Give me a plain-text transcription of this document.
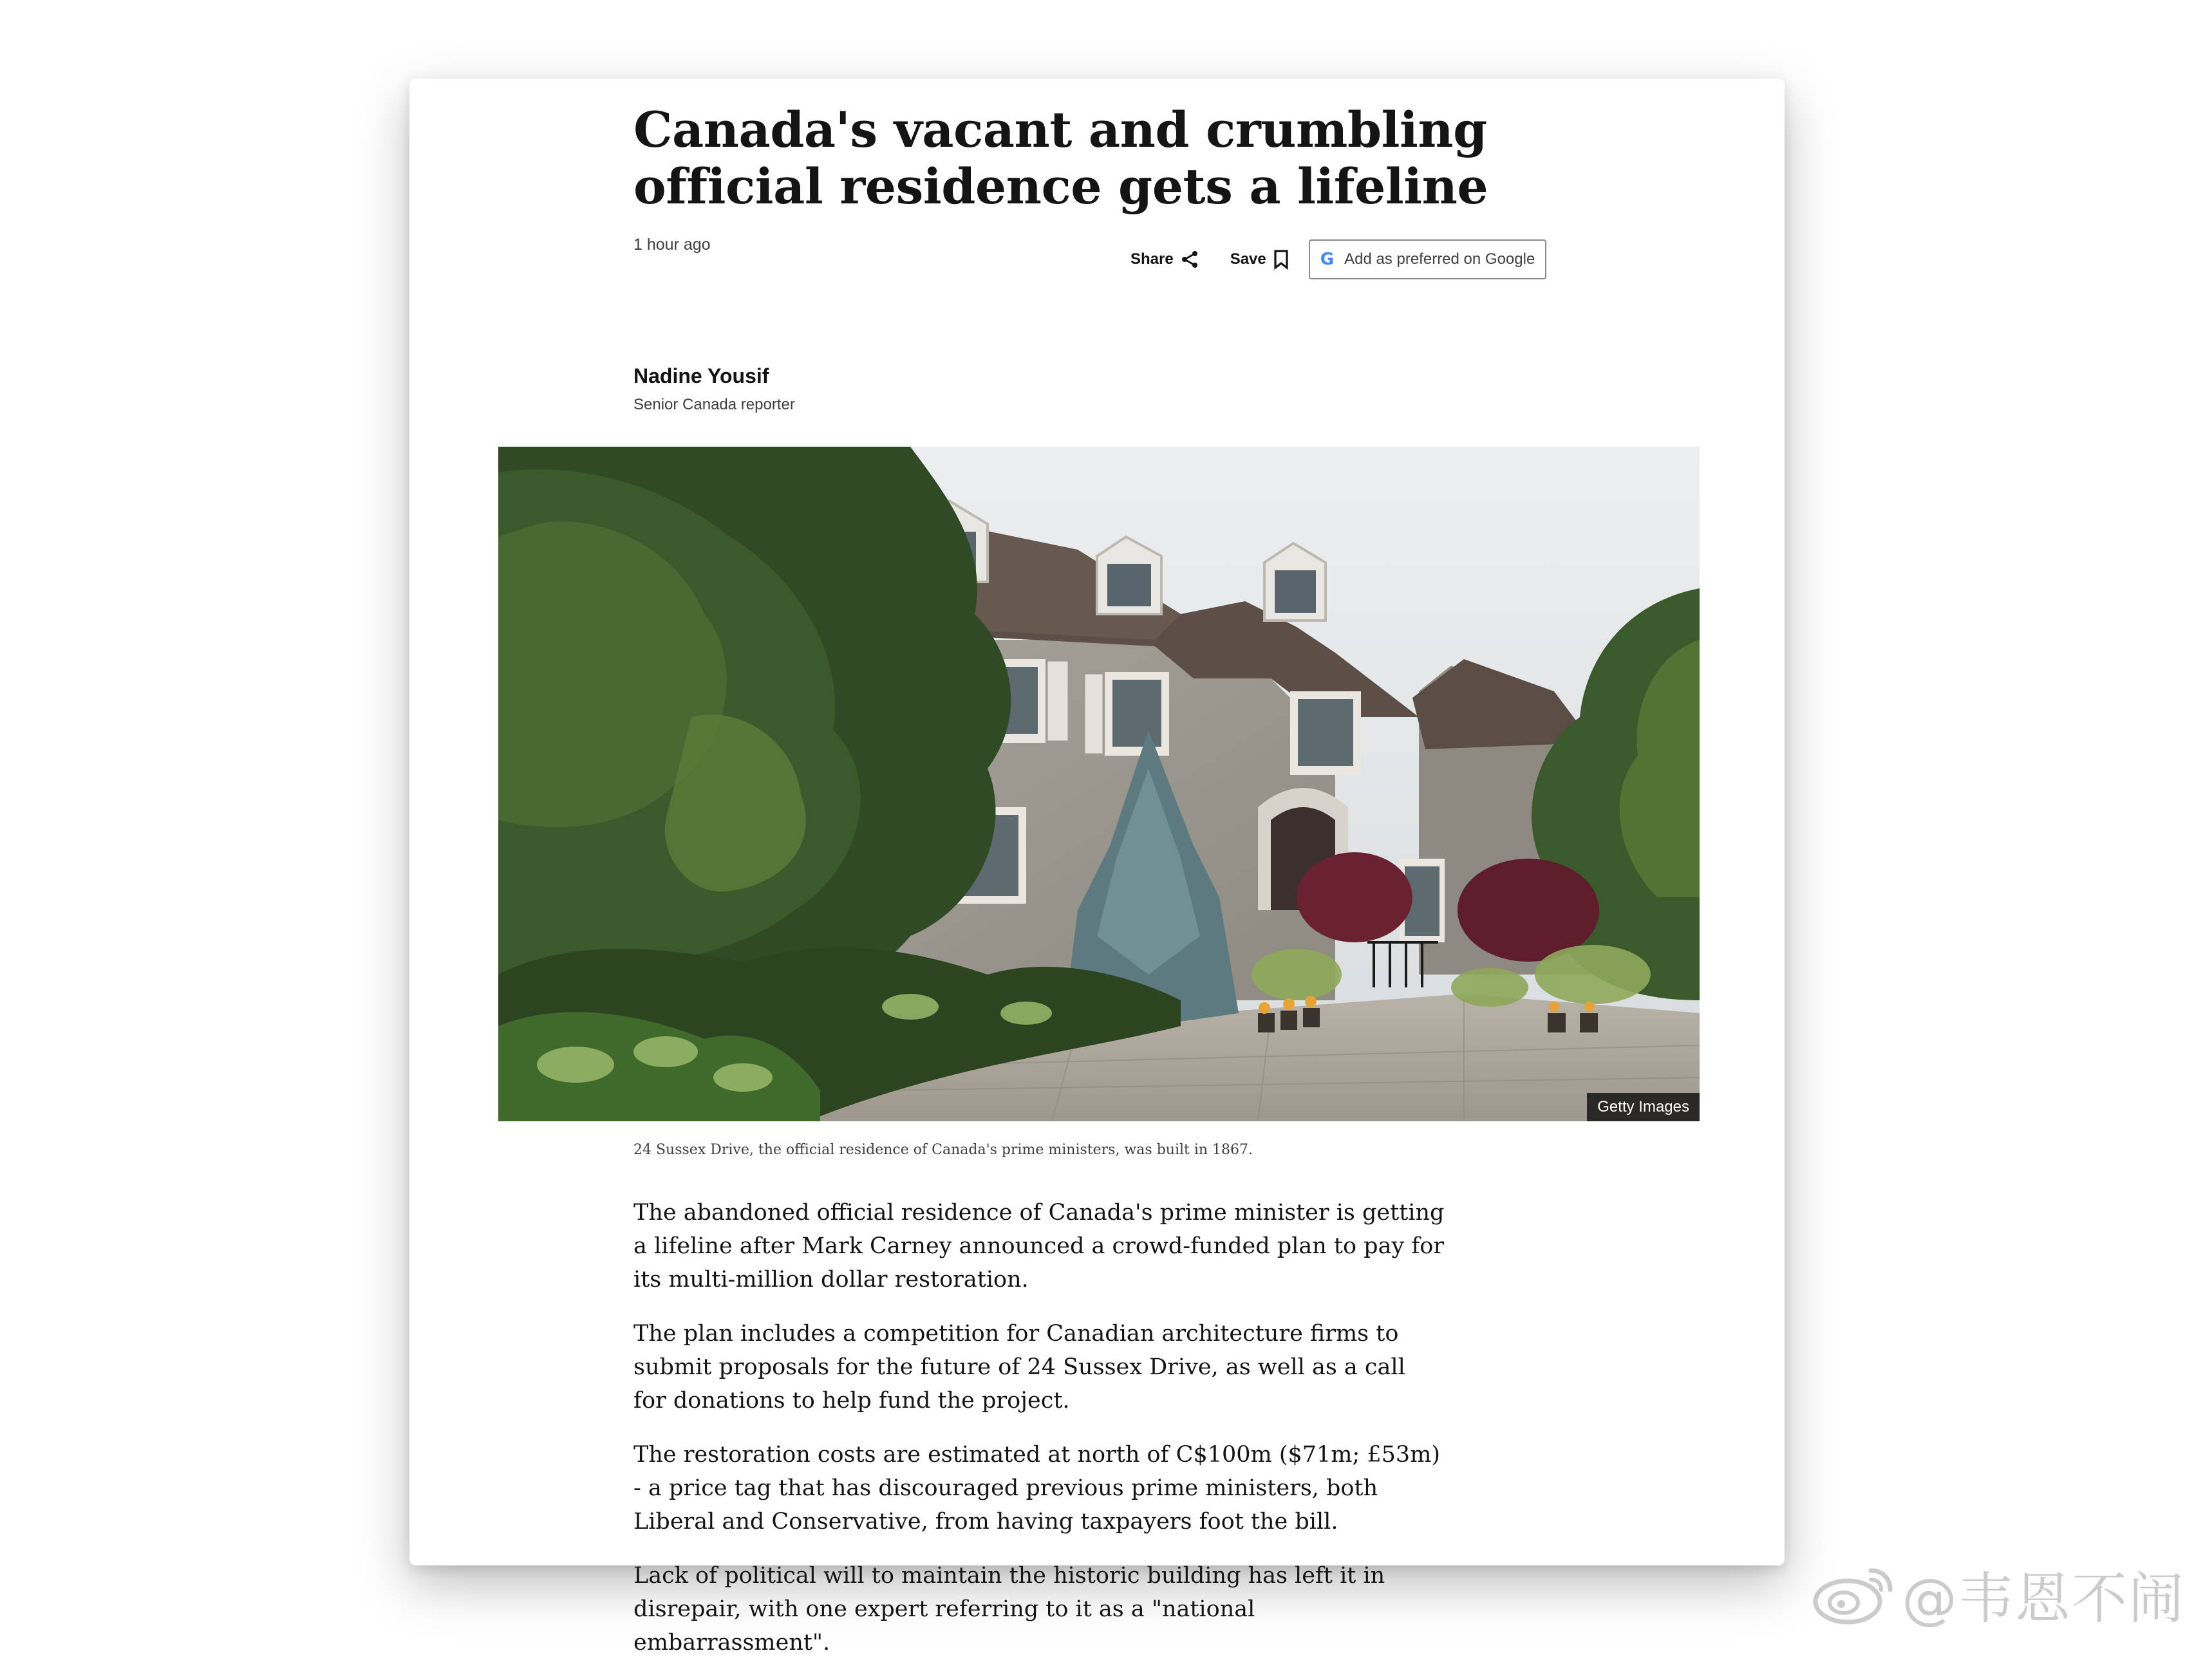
Canada's vacant and crumbling official residence gets a lifeline
1 hour ago
Share	Save	G Add as preferred on Google
Nadine Yousif
Senior Canada reporter
Getty Images
24 Sussex Drive, the official residence of Canada's prime ministers, was built in 1867.

The abandoned official residence of Canada's prime minister is getting a lifeline after Mark Carney announced a crowd-funded plan to pay for its multi-million dollar restoration.

The plan includes a competition for Canadian architecture firms to submit proposals for the future of 24 Sussex Drive, as well as a call for donations to help fund the project.

The restoration costs are estimated at north of C$100m ($71m; £53m) - a price tag that has discouraged previous prime ministers, both Liberal and Conservative, from having taxpayers foot the bill.

Lack of political will to maintain the historic building has left it in disrepair, with one expert referring to it as a "national embarrassment".

@韦恩不闹
